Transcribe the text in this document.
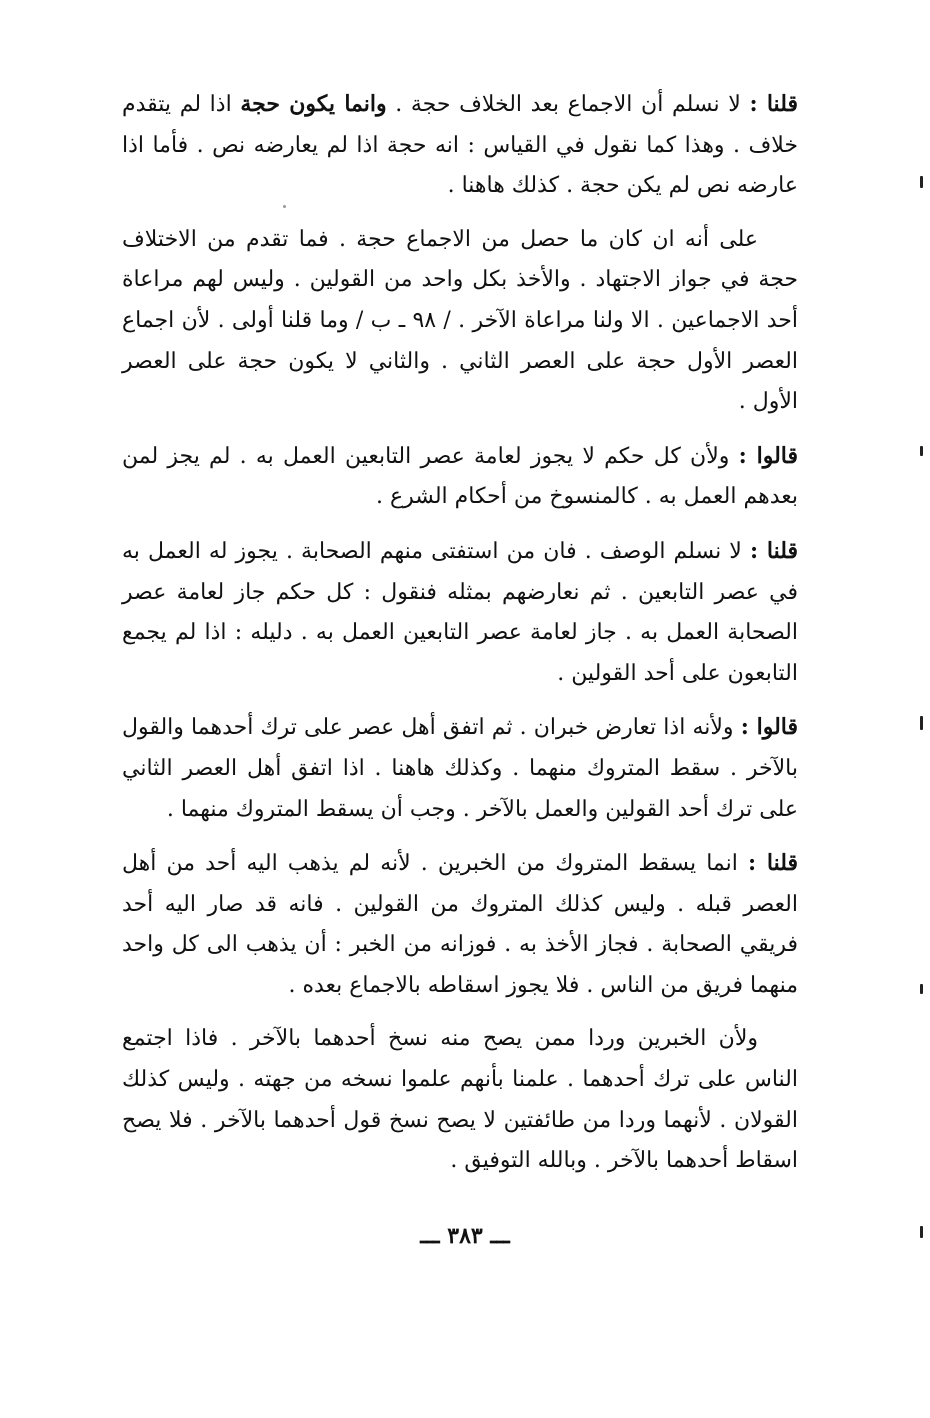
قلنا : لا نسلم أن الاجماع بعد الخلاف حجة . وانما يكون حجة اذا لم يتقدم خلاف . وهذا كما نقول في القياس : انه حجة اذا لم يعارضه نص . فأما اذا عارضه نص لم يكن حجة . كذلك هاهنا .

على أنه ان كان ما حصل من الاجماع حجة . فما تقدم من الاختلاف حجة في جواز الاجتهاد . والأخذ بكل واحد من القولين . وليس لهم مراعاة أحد الاجماعين . الا ولنا مراعاة الآخر . / ٩٨ ـ ب / وما قلنا أولى . لأن اجماع العصر الأول حجة على العصر الثاني . والثاني لا يكون حجة على العصر الأول .

قالوا : ولأن كل حكم لا يجوز لعامة عصر التابعين العمل به . لم يجز لمن بعدهم العمل به . كالمنسوخ من أحكام الشرع .

قلنا : لا نسلم الوصف . فان من استفتى منهم الصحابة . يجوز له العمل به في عصر التابعين . ثم نعارضهم بمثله فنقول : كل حكم جاز لعامة عصر الصحابة العمل به . جاز لعامة عصر التابعين العمل به . دليله : اذا لم يجمع التابعون على أحد القولين .

قالوا : ولأنه اذا تعارض خبران . ثم اتفق أهل عصر على ترك أحدهما والقول بالآخر . سقط المتروك منهما . وكذلك هاهنا . اذا اتفق أهل العصر الثاني على ترك أحد القولين والعمل بالآخر . وجب أن يسقط المتروك منهما .

قلنا : انما يسقط المتروك من الخبرين . لأنه لم يذهب اليه أحد من أهل العصر قبله . وليس كذلك المتروك من القولين . فانه قد صار اليه أحد فريقي الصحابة . فجاز الأخذ به . فوزانه من الخبر : أن يذهب الى كل واحد منهما فريق من الناس . فلا يجوز اسقاطه بالاجماع بعده .

ولأن الخبرين وردا ممن يصح منه نسخ أحدهما بالآخر . فاذا اجتمع الناس على ترك أحدهما . علمنا بأنهم علموا نسخه من جهته . وليس كذلك القولان . لأنهما وردا من طائفتين لا يصح نسخ قول أحدهما بالآخر . فلا يصح اسقاط أحدهما بالآخر . وبالله التوفيق .

ـــ ٣٨٣ ـــ
